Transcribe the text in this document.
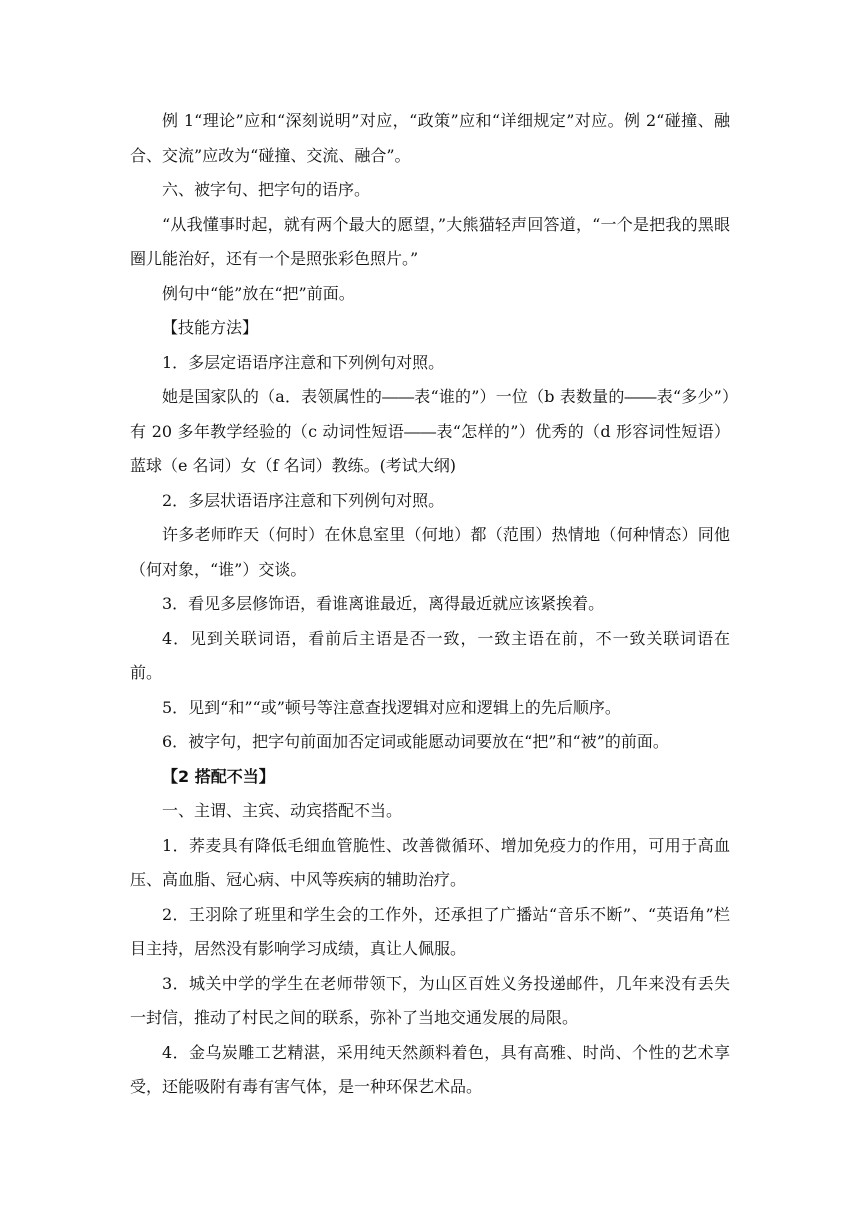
例 1“理论”应和“深刻说明”对应，“政策”应和“详细规定”对应。例 2“碰撞、融合、交流”应改为“碰撞、交流、融合”。

六、被字句、把字句的语序。

“从我懂事时起，就有两个最大的愿望，”大熊猫轻声回答道，“一个是把我的黑眼圈儿能治好，还有一个是照张彩色照片。”

例句中“能”放在“把”前面。

【技能方法】

1．多层定语语序注意和下列例句对照。

她是国家队的（a．表领属性的――表“谁的”）一位（b 表数量的――表“多少”）有 20 多年教学经验的（c 动词性短语――表“怎样的”）优秀的（d 形容词性短语）蓝球（e 名词）女（f 名词）教练。(考试大纲)

2．多层状语语序注意和下列例句对照。

许多老师昨天（何时）在休息室里（何地）都（范围）热情地（何种情态）同他（何对象，“谁”）交谈。

3．看见多层修饰语，看谁离谁最近，离得最近就应该紧挨着。

4．见到关联词语，看前后主语是否一致，一致主语在前，不一致关联词语在前。

5．见到“和”“或”顿号等注意查找逻辑对应和逻辑上的先后顺序。

6．被字句，把字句前面加否定词或能愿动词要放在“把”和“被”的前面。

【2 搭配不当】

一、主谓、主宾、动宾搭配不当。

1．荞麦具有降低毛细血管脆性、改善微循环、增加免疫力的作用，可用于高血压、高血脂、冠心病、中风等疾病的辅助治疗。

2．王羽除了班里和学生会的工作外，还承担了广播站“音乐不断”、“英语角”栏目主持，居然没有影响学习成绩，真让人佩服。

3．城关中学的学生在老师带领下，为山区百姓义务投递邮件，几年来没有丢失一封信，推动了村民之间的联系，弥补了当地交通发展的局限。

4．金乌炭雕工艺精湛，采用纯天然颜料着色，具有高雅、时尚、个性的艺术享受，还能吸附有毒有害气体，是一种环保艺术品。
